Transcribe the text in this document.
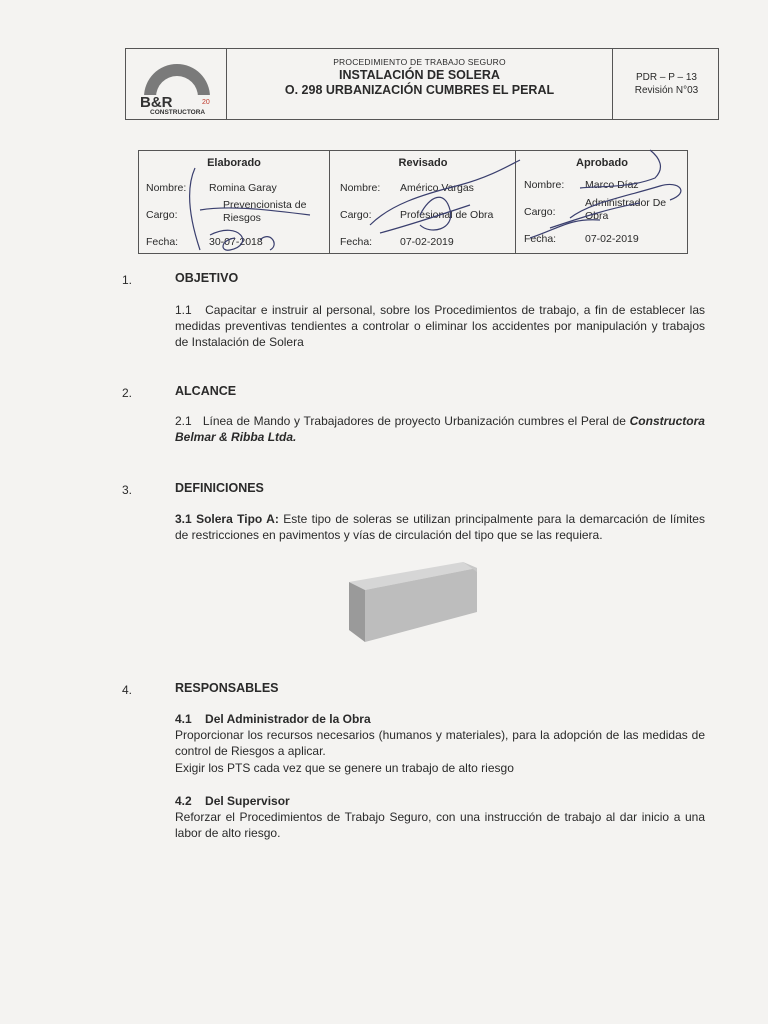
B&R	20
CONSTRUCTORA
PROCEDIMIENTO DE TRABAJO SEGURO
INSTALACIÓN DE SOLERA
O. 298 URBANIZACIÓN CUMBRES EL PERAL
PDR – P – 13
Revisión N°03
Elaborado
Nombre: Romina Garay
Cargo:
Prevencionista de Riesgos
Fecha:	30-07-2018
Revisado
Nombre: Américo Vargas
Cargo:	Profesional de Obra
Fecha:	07-02-2019
Aprobado
Nombre: Marco Díaz
Cargo:
Administrador De Obra
Fecha:	07-02-2019
1.	OBJETIVO
1.1 Capacitar e instruir al personal, sobre los Procedimientos de trabajo, a fin de establecer las medidas preventivas tendientes a controlar o eliminar los accidentes por manipulación y trabajos de Instalación de Solera
2.	ALCANCE
2.1 Línea de Mando y Trabajadores de proyecto Urbanización cumbres el Peral de Constructora Belmar & Ribba Ltda.
3.	DEFINICIONES
3.1 Solera Tipo A: Este tipo de soleras se utilizan principalmente para la demarcación de límites de restricciones en pavimentos y vías de circulación del tipo que se las requiera.
4.	RESPONSABLES
4.1 Del Administrador de la Obra
Proporcionar los recursos necesarios (humanos y materiales), para la adopción de las medidas de control de Riesgos a aplicar.
Exigir los PTS cada vez que se genere un trabajo de alto riesgo
4.2 Del Supervisor
Reforzar el Procedimientos de Trabajo Seguro, con una instrucción de trabajo al dar inicio a una labor de alto riesgo.
